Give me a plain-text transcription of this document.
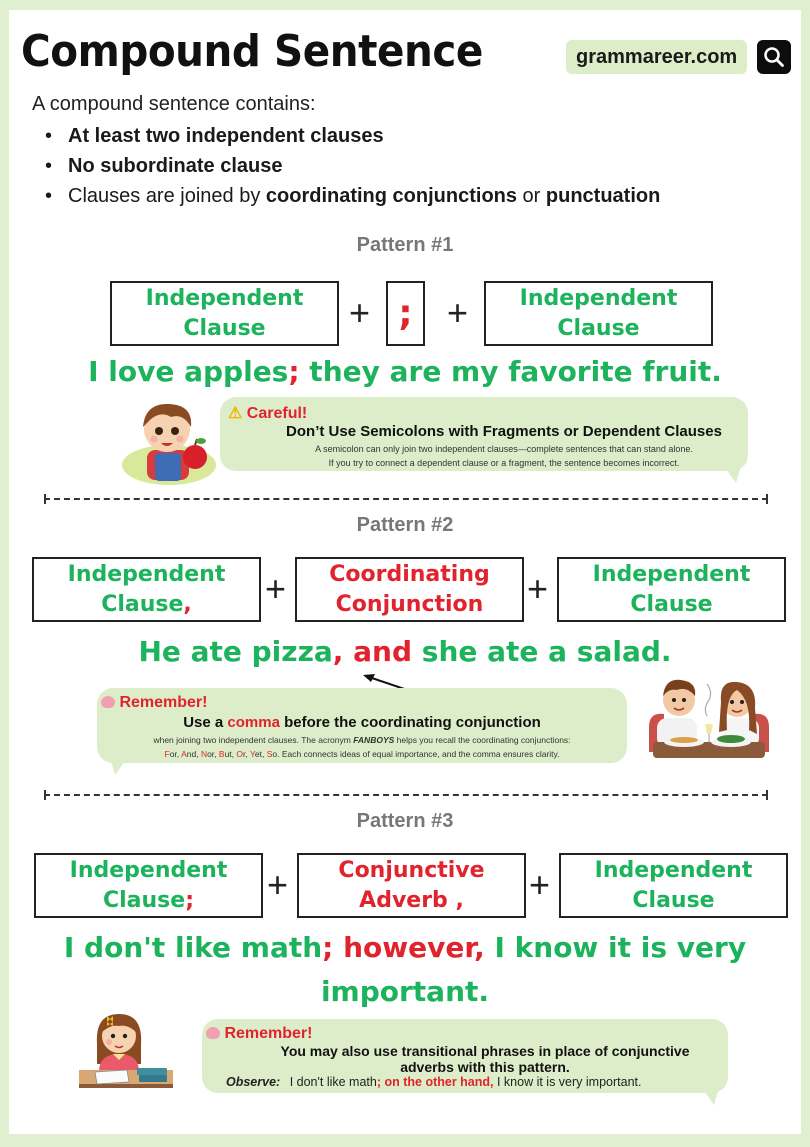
Compound Sentence	grammareer.com
A compound sentence contains:
• At least two independent clauses
• No subordinate clause
• Clauses are joined by coordinating conjunctions or punctuation
Pattern #1
Independent
Clause + ; + Independent
Clause
I love apples; they are my favorite fruit.
⚠ Careful!
Don’t Use Semicolons with Fragments or Dependent Clauses
A semicolon can only join two independent clauses—complete sentences that can stand alone.
If you try to connect a dependent clause or a fragment, the sentence becomes incorrect.
Pattern #2
Independent
Clause, + Coordinating
Conjunction + Independent
Clause
He ate pizza, and she ate a salad.
Remember!
Use a comma before the coordinating conjunction
when joining two independent clauses. The acronym FANBOYS helps you recall the coordinating conjunctions:
For, And, Nor, But, Or, Yet, So. Each connects ideas of equal importance, and the comma ensures clarity.
Pattern #3
Independent
Clause; + Conjunctive
Adverb , + Independent
Clause
I don't like math; however, I know it is very
important.
Remember!
You may also use transitional phrases in place of conjunctive
adverbs with this pattern.
Observe: I don't like math; on the other hand, I know it is very important.
